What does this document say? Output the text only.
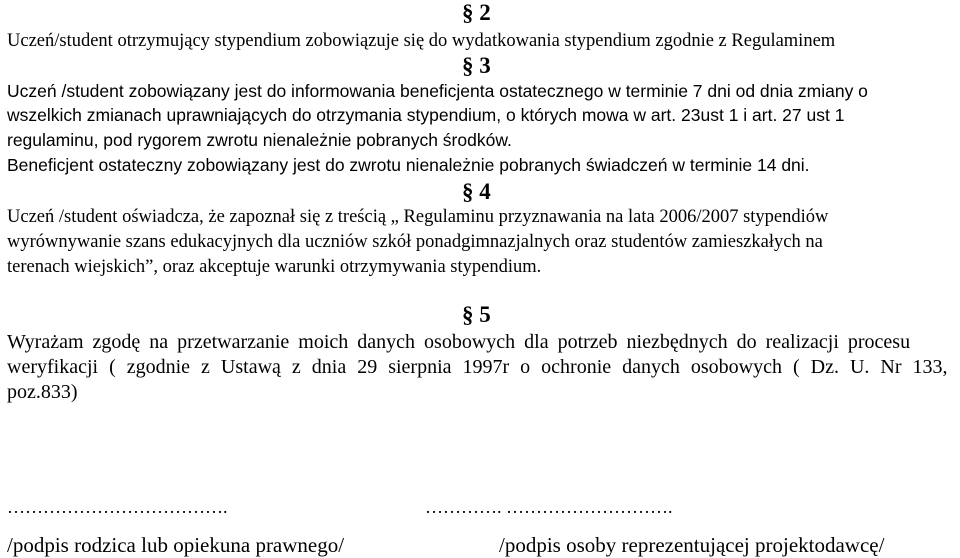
§ 2
Uczeń/student otrzymujący stypendium zobowiązuje się do wydatkowania stypendium zgodnie z Regulaminem
§ 3
Uczeń /student zobowiązany jest do informowania beneficjenta ostatecznego w terminie 7 dni od dnia zmiany o
wszelkich zmianach uprawniających do otrzymania stypendium, o których mowa w art. 23ust 1 i art. 27 ust 1
regulaminu, pod rygorem zwrotu nienależnie pobranych środków.
Beneficjent ostateczny zobowiązany jest do zwrotu nienależnie pobranych świadczeń w terminie 14 dni.
§ 4
Uczeń /student oświadcza, że zapoznał się z treścią „ Regulaminu przyznawania na lata 2006/2007 stypendiów
wyrównywanie szans edukacyjnych dla uczniów szkół ponadgimnazjalnych oraz studentów zamieszkałych na
terenach wiejskich”, oraz akceptuje warunki otrzymywania stypendium.
§ 5
Wyrażam zgodę na przetwarzanie moich danych osobowych dla potrzeb niezbędnych do realizacji procesu
weryfikacji ( zgodnie z Ustawą z dnia 29 sierpnia 1997r o ochronie danych osobowych ( Dz. U. Nr 133,
poz.833)
……………………………….	…………. ……………………….
/podpis rodzica lub opiekuna prawnego/	/podpis osoby reprezentującej projektodawcę/
